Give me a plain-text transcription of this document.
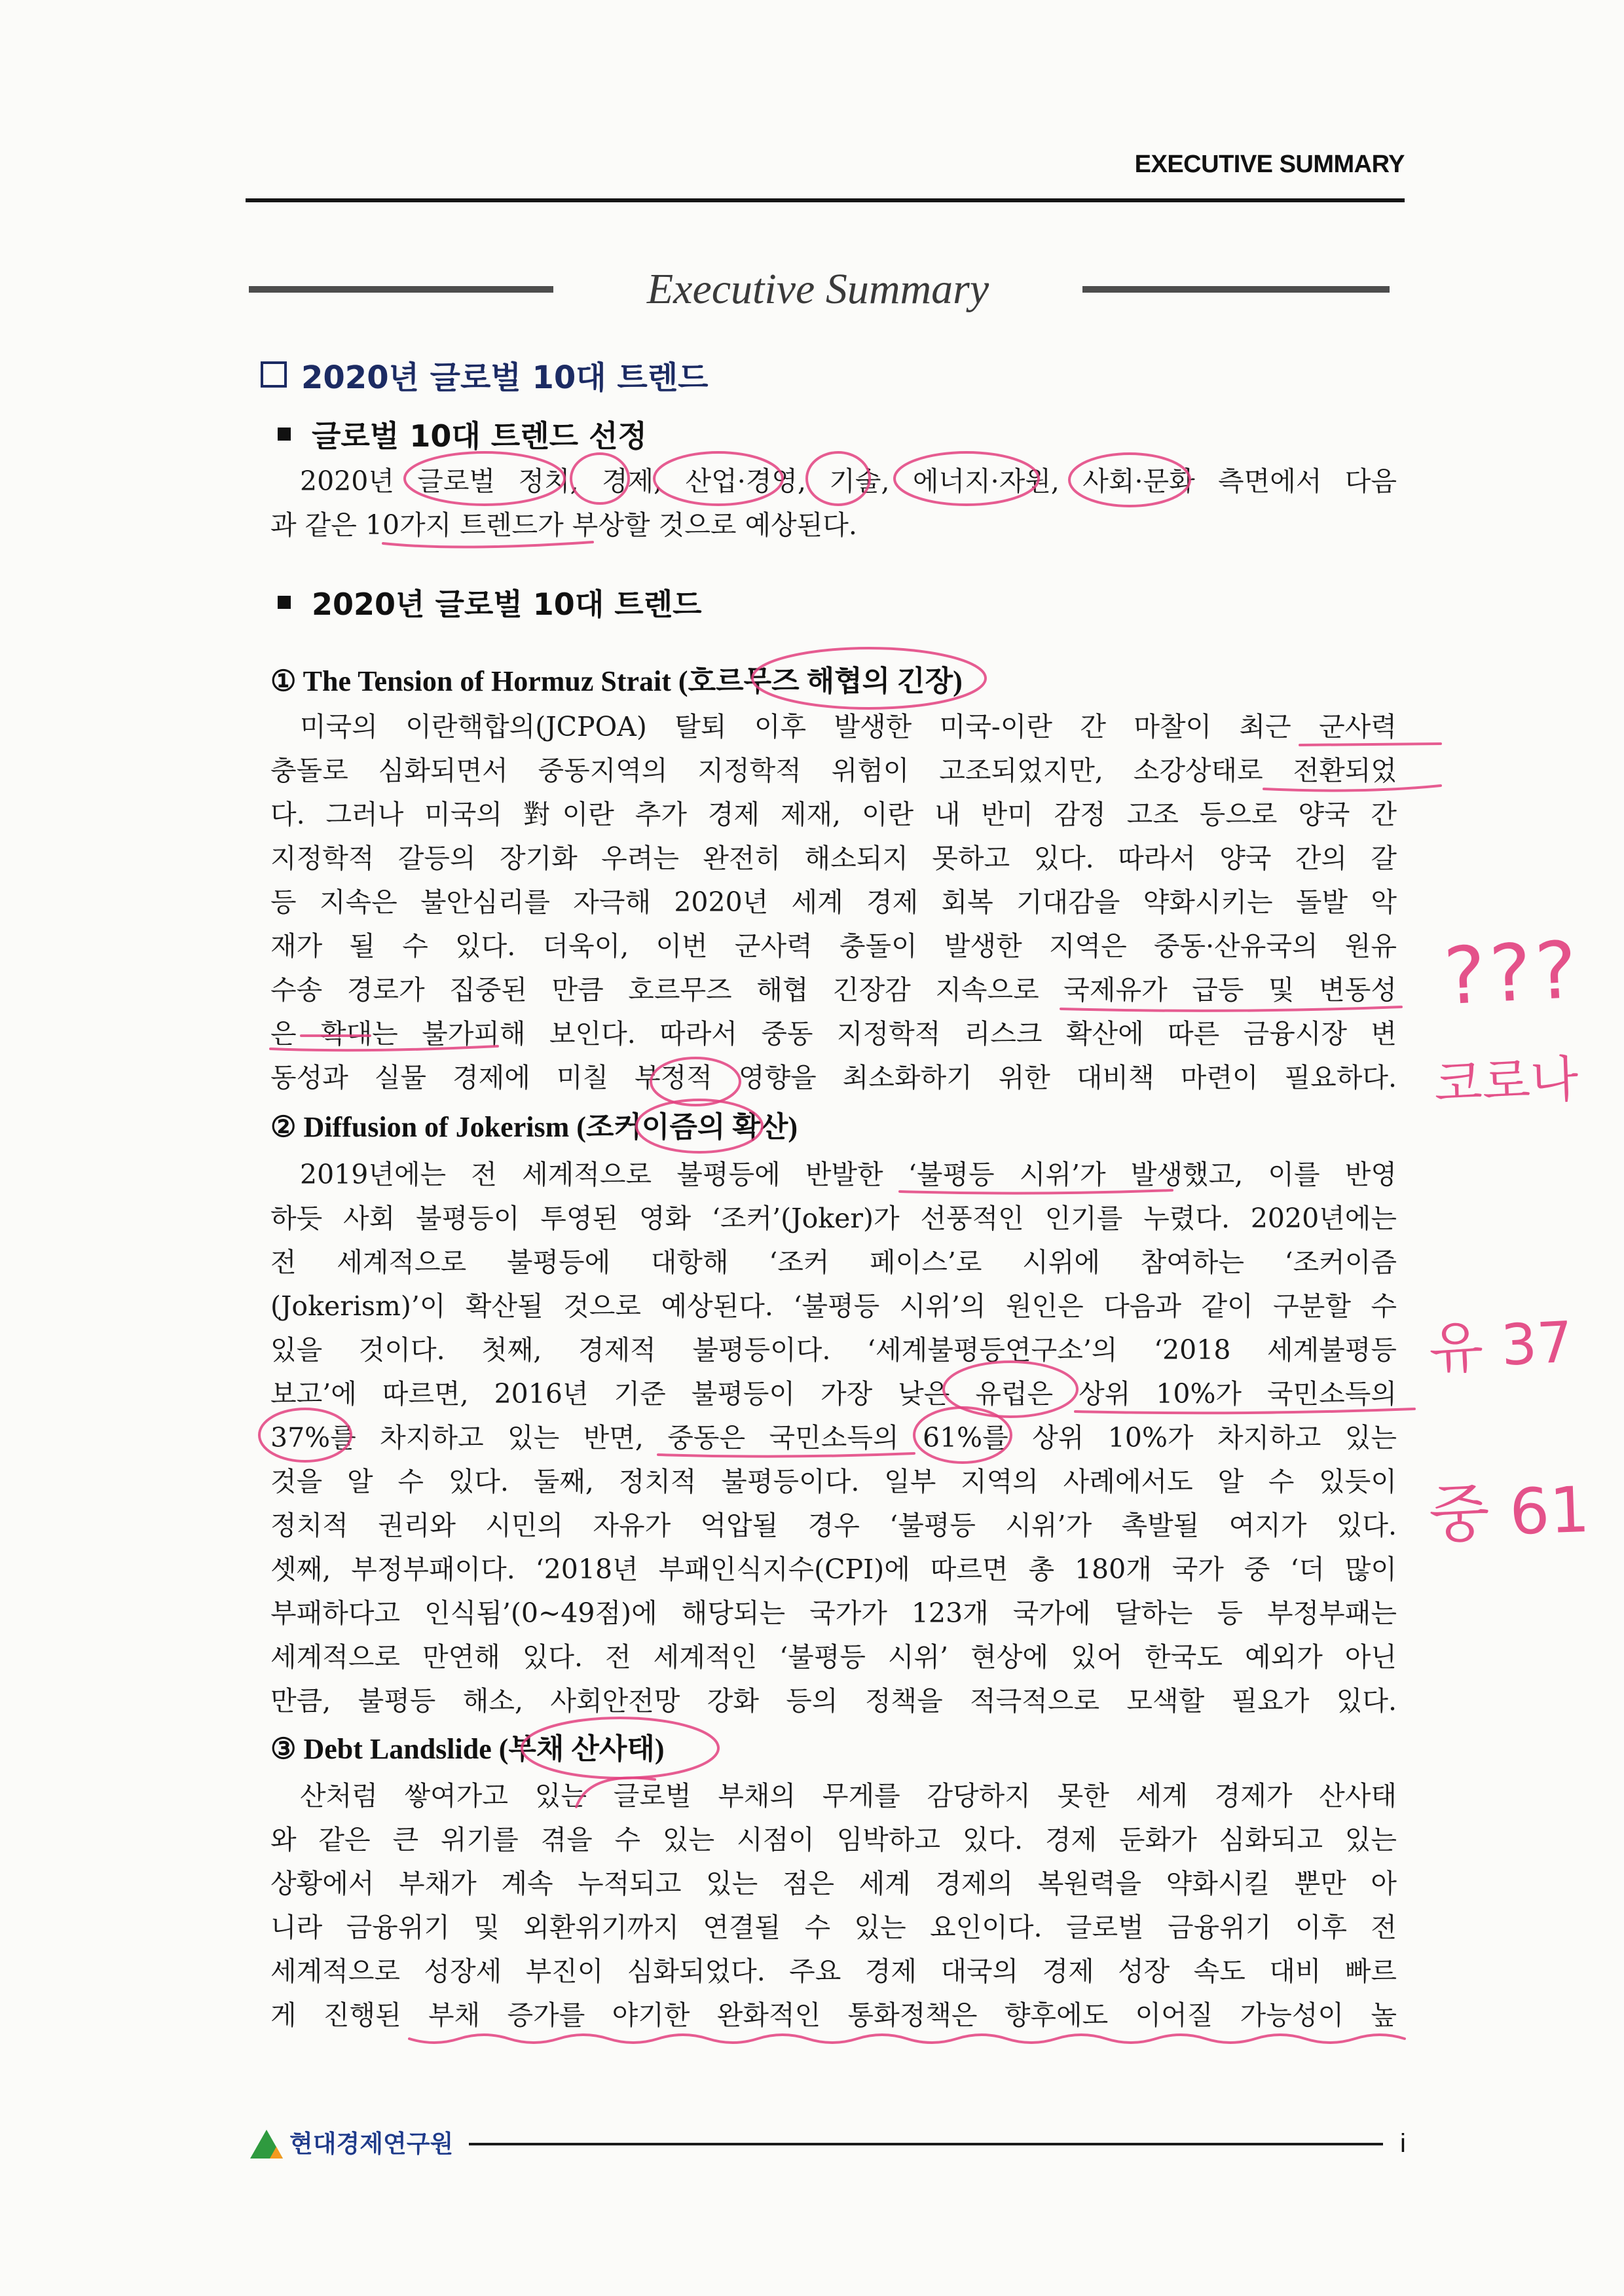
EXECUTIVE SUMMARY
Executive Summary
2020년 글로벌 10대 트렌드
글로벌 10대 트렌드 선정
2020년 글로벌 정치, 경제, 산업·경영, 기술, 에너지·자원, 사회·문화 측면에서 다음
과 같은 10가지 트렌드가 부상할 것으로 예상된다.
2020년 글로벌 10대 트렌드
① The Tension of Hormuz Strait (호르무즈 해협의 긴장)
미국의 이란핵합의(JCPOA) 탈퇴 이후 발생한 미국-이란 간 마찰이 최근 군사력
충돌로 심화되면서 중동지역의 지정학적 위험이 고조되었지만, 소강상태로 전환되었
다. 그러나 미국의 對이란 추가 경제 제재, 이란 내 반미 감정 고조 등으로 양국 간
지정학적 갈등의 장기화 우려는 완전히 해소되지 못하고 있다. 따라서 양국 간의 갈
등 지속은 불안심리를 자극해 2020년 세계 경제 회복 기대감을 약화시키는 돌발 악
재가 될 수 있다. 더욱이, 이번 군사력 충돌이 발생한 지역은 중동·산유국의 원유
수송 경로가 집중된 만큼 호르무즈 해협 긴장감 지속으로 국제유가 급등 및 변동성
은 확대는 불가피해 보인다. 따라서 중동 지정학적 리스크 확산에 따른 금융시장 변
동성과 실물 경제에 미칠 부정적 영향을 최소화하기 위한 대비책 마련이 필요하다.
② Diffusion of Jokerism (조커이즘의 확산)
2019년에는 전 세계적으로 불평등에 반발한 ‘불평등 시위’가 발생했고, 이를 반영
하듯 사회 불평등이 투영된 영화 ‘조커’(Joker)가 선풍적인 인기를 누렸다. 2020년에는
전 세계적으로 불평등에 대항해 ‘조커 페이스’로 시위에 참여하는 ‘조커이즘
(Jokerism)’이 확산될 것으로 예상된다. ‘불평등 시위’의 원인은 다음과 같이 구분할 수
있을 것이다. 첫째, 경제적 불평등이다. ‘세계불평등연구소’의 ‘2018 세계불평등
보고’에 따르면, 2016년 기준 불평등이 가장 낮은 유럽은 상위 10%가 국민소득의
37%를 차지하고 있는 반면, 중동은 국민소득의 61%를 상위 10%가 차지하고 있는
것을 알 수 있다. 둘째, 정치적 불평등이다. 일부 지역의 사례에서도 알 수 있듯이
정치적 권리와 시민의 자유가 억압될 경우 ‘불평등 시위’가 촉발될 여지가 있다.
셋째, 부정부패이다. ‘2018년 부패인식지수(CPI)에 따르면 총 180개 국가 중 ‘더 많이
부패하다고 인식됨’(0~49점)에 해당되는 국가가 123개 국가에 달하는 등 부정부패는
세계적으로 만연해 있다. 전 세계적인 ‘불평등 시위’ 현상에 있어 한국도 예외가 아닌
만큼, 불평등 해소, 사회안전망 강화 등의 정책을 적극적으로 모색할 필요가 있다.
③ Debt Landslide (부채 산사태)
산처럼 쌓여가고 있는 글로벌 부채의 무게를 감당하지 못한 세계 경제가 산사태
와 같은 큰 위기를 겪을 수 있는 시점이 임박하고 있다. 경제 둔화가 심화되고 있는
상황에서 부채가 계속 누적되고 있는 점은 세계 경제의 복원력을 약화시킬 뿐만 아
니라 금융위기 및 외환위기까지 연결될 수 있는 요인이다. 글로벌 금융위기 이후 전
세계적으로 성장세 부진이 심화되었다. 주요 경제 대국의 경제 성장 속도 대비 빠르
게 진행된 부채 증가를 야기한 완화적인 통화정책은 향후에도 이어질 가능성이 높
???
코로나
유 37
중 61
현대경제연구원	i
